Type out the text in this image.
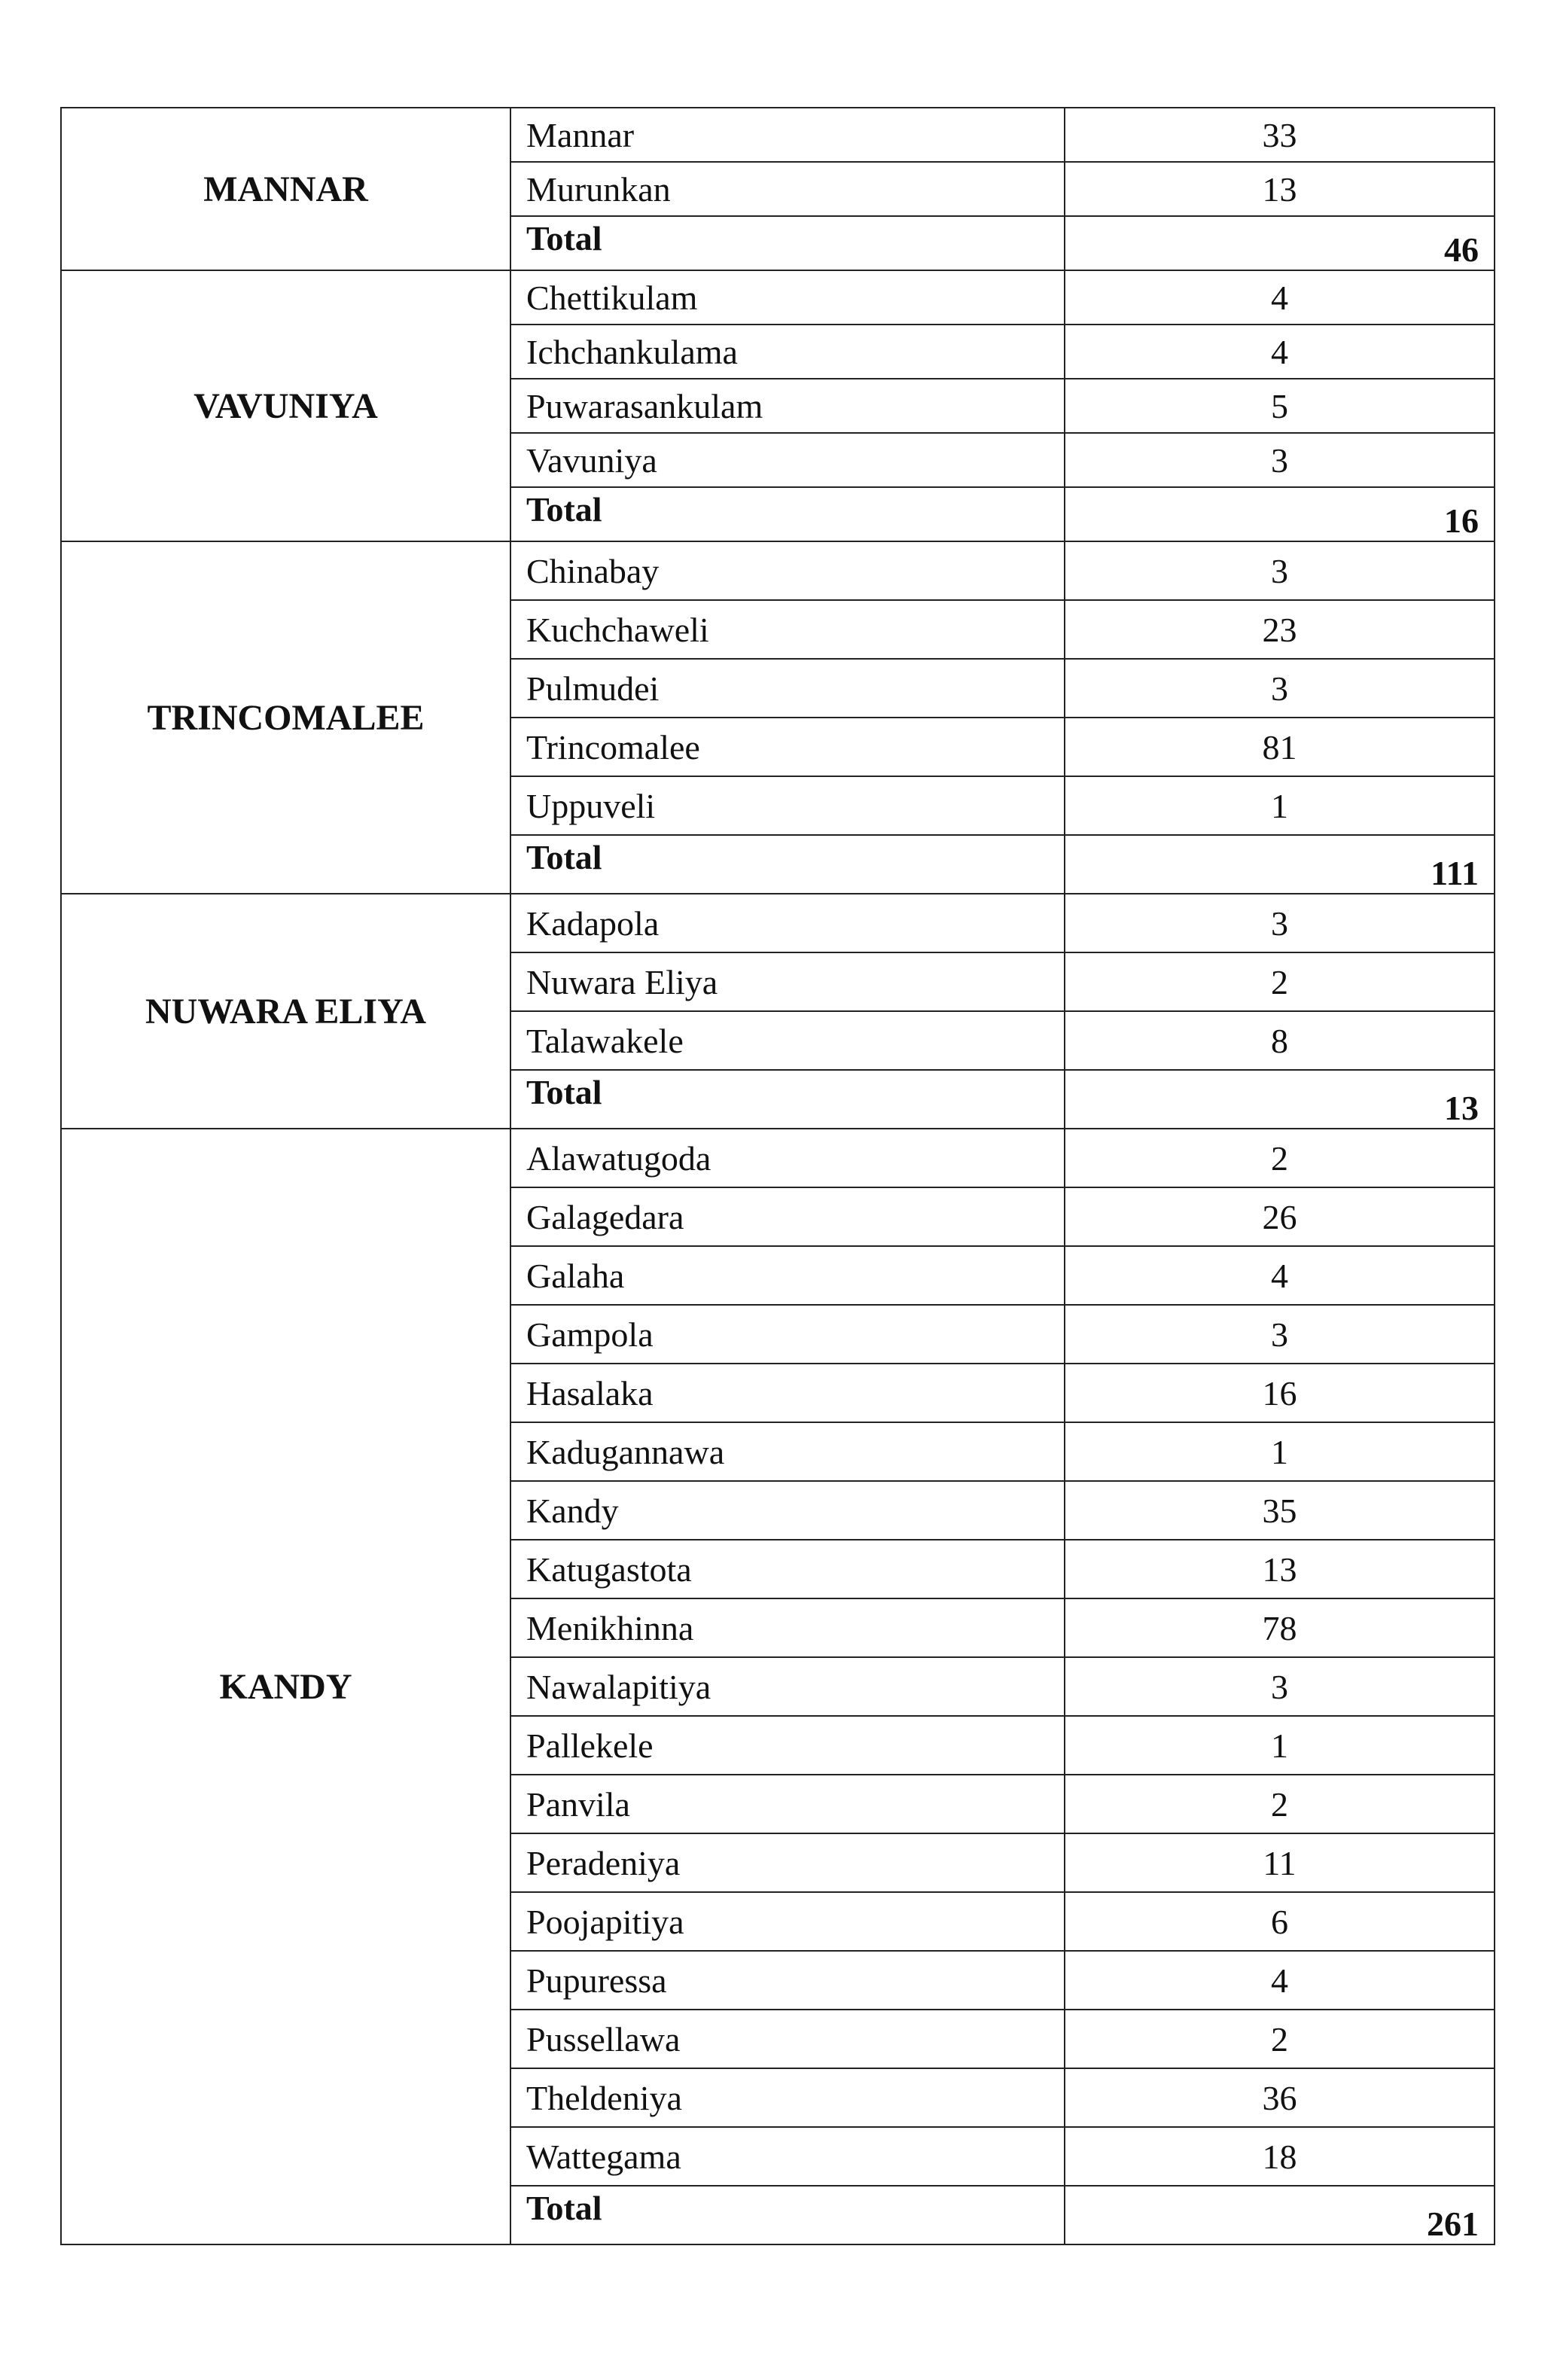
MANNAR	Mannar	33
	Murunkan	13
	Total	46
VAVUNIYA	Chettikulam	4
	Ichchankulama	4
	Puwarasankulam	5
	Vavuniya	3
	Total	16
TRINCOMALEE	Chinabay	3
	Kuchchaweli	23
	Pulmudei	3
	Trincomalee	81
	Uppuveli	1
	Total	111
NUWARA ELIYA	Kadapola	3
	Nuwara Eliya	2
	Talawakele	8
	Total	13
KANDY	Alawatugoda	2
	Galagedara	26
	Galaha	4
	Gampola	3
	Hasalaka	16
	Kadugannawa	1
	Kandy	35
	Katugastota	13
	Menikhinna	78
	Nawalapitiya	3
	Pallekele	1
	Panvila	2
	Peradeniya	11
	Poojapitiya	6
	Pupuressa	4
	Pussellawa	2
	Theldeniya	36
	Wattegama	18
	Total	261
